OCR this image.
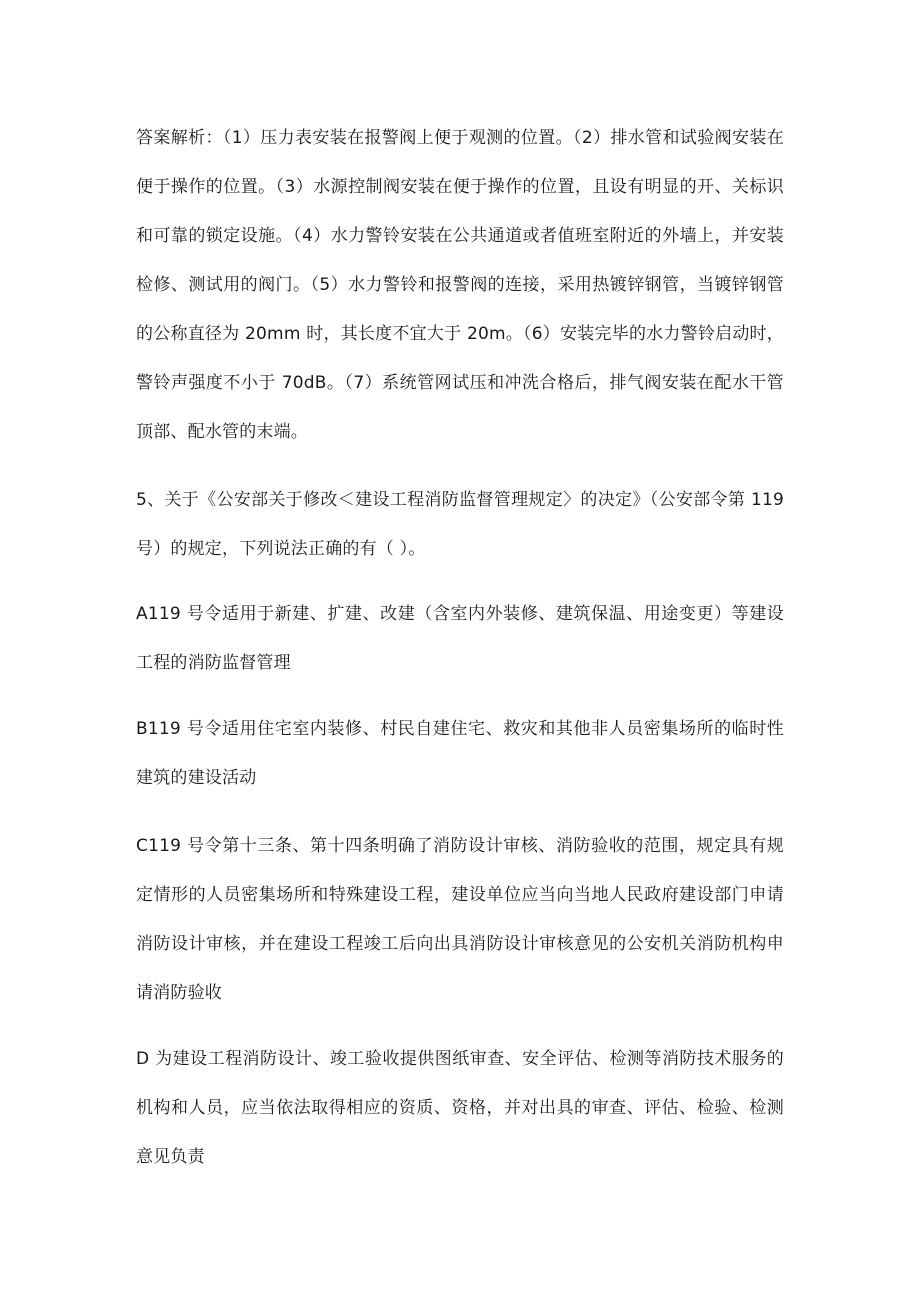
答案解析：（1）压力表安装在报警阀上便于观测的位置。（2）排水管和试验阀安装在便于操作的位置。（3）水源控制阀安装在便于操作的位置，且设有明显的开、关标识和可靠的锁定设施。（4）水力警铃安装在公共通道或者值班室附近的外墙上，并安装检修、测试用的阀门。（5）水力警铃和报警阀的连接，采用热镀锌钢管，当镀锌钢管的公称直径为 20mm 时，其长度不宜大于 20m。（6）安装完毕的水力警铃启动时，警铃声强度不小于 70dB。（7）系统管网试压和冲洗合格后，排气阀安装在配水干管顶部、配水管的末端。

5、关于《公安部关于修改＜建设工程消防监督管理规定〉的决定》（公安部令第 119号）的规定，下列说法正确的有（ ）。

A119 号令适用于新建、扩建、改建（含室内外装修、建筑保温、用途变更）等建设工程的消防监督管理

B119 号令适用住宅室内装修、村民自建住宅、救灾和其他非人员密集场所的临时性建筑的建设活动

C119 号令第十三条、第十四条明确了消防设计审核、消防验收的范围，规定具有规定情形的人员密集场所和特殊建设工程，建设单位应当向当地人民政府建设部门申请消防设计审核，并在建设工程竣工后向出具消防设计审核意见的公安机关消防机构申请消防验收

D 为建设工程消防设计、竣工验收提供图纸审查、安全评估、检测等消防技术服务的机构和人员，应当依法取得相应的资质、资格，并对出具的审查、评估、检验、检测意见负责
